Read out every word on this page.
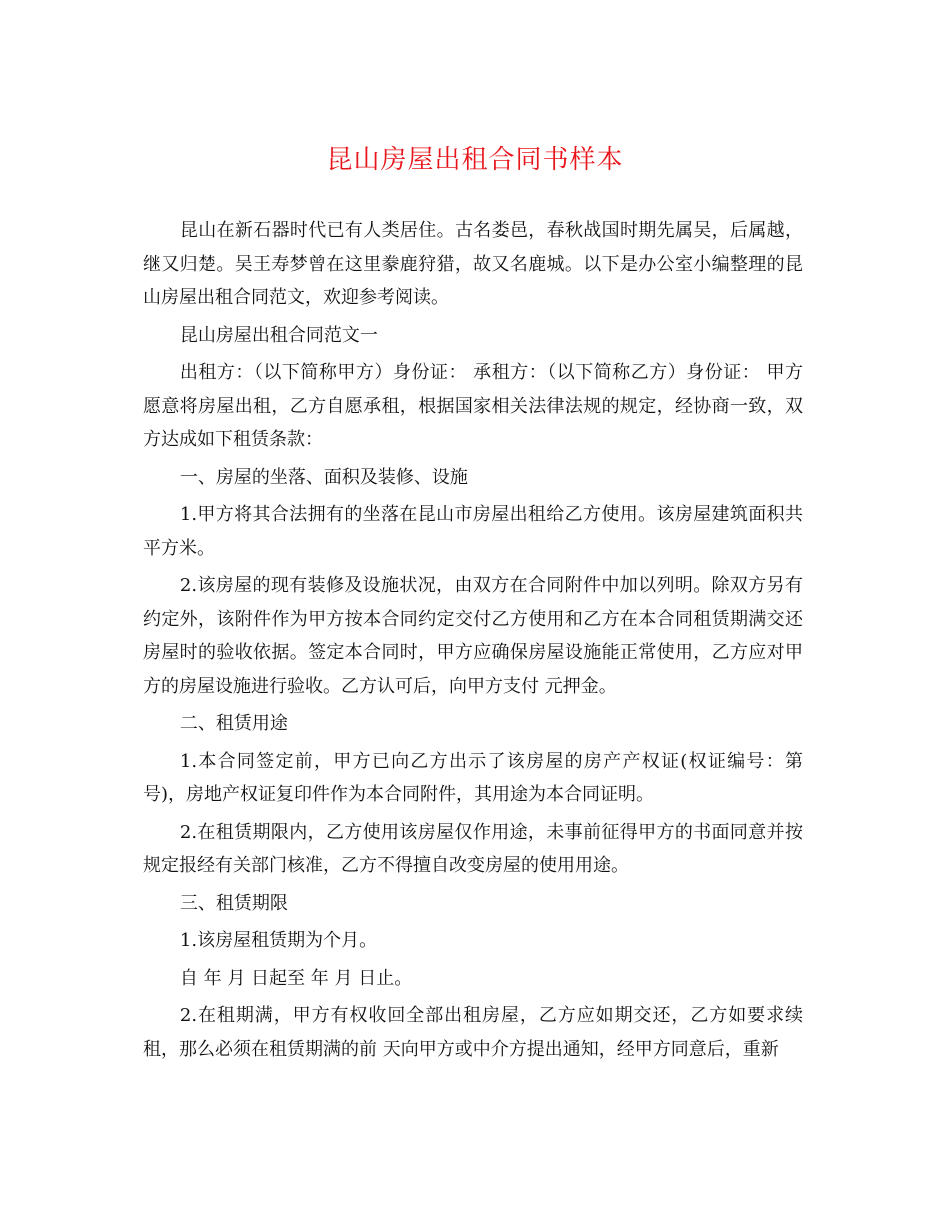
昆山房屋出租合同书样本

昆山在新石器时代已有人类居住。古名娄邑，春秋战国时期先属吴，后属越，继又归楚。吴王寿梦曾在这里豢鹿狩猎，故又名鹿城。以下是办公室小编整理的昆山房屋出租合同范文，欢迎参考阅读。

昆山房屋出租合同范文一

出租方：（以下简称甲方）身份证： 承租方：（以下简称乙方）身份证： 甲方愿意将房屋出租，乙方自愿承租，根据国家相关法律法规的规定，经协商一致，双方达成如下租赁条款：

一、房屋的坐落、面积及装修、设施

1.甲方将其合法拥有的坐落在昆山市房屋出租给乙方使用。该房屋建筑面积共 平方米。

2.该房屋的现有装修及设施状况，由双方在合同附件中加以列明。除双方另有约定外，该附件作为甲方按本合同约定交付乙方使用和乙方在本合同租赁期满交还房屋时的验收依据。签定本合同时，甲方应确保房屋设施能正常使用，乙方应对甲方的房屋设施进行验收。乙方认可后，向甲方支付 元押金。

二、租赁用途

1.本合同签定前，甲方已向乙方出示了该房屋的房产产权证(权证编号：第 号)，房地产权证复印件作为本合同附件，其用途为本合同证明。

2.在租赁期限内，乙方使用该房屋仅作用途，未事前征得甲方的书面同意并按规定报经有关部门核准，乙方不得擅自改变房屋的使用用途。

三、租赁期限

1.该房屋租赁期为个月。

自 年 月 日起至 年 月 日止。

2.在租期满，甲方有权收回全部出租房屋，乙方应如期交还，乙方如要求续租，那么必须在租赁期满的前 天向甲方或中介方提出通知，经甲方同意后，重新
